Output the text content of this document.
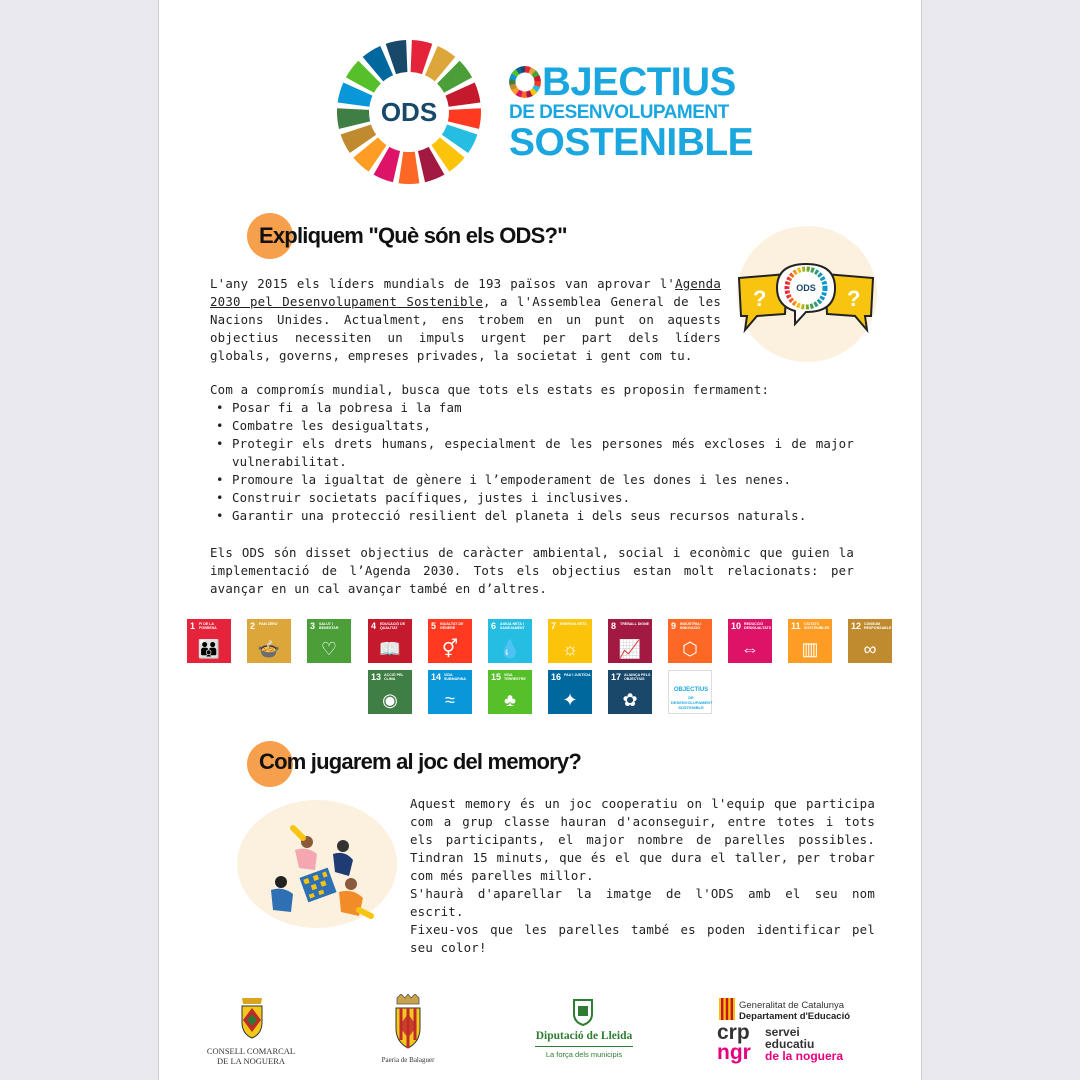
ODS
BJECTIUS
DE DESENVOLUPAMENT
SOSTENIBLE
Expliquem "Què són els ODS?"
?	?
ODS

L'any 2015 els líders mundials de 193 països van aprovar l'Agenda 2030 pel Desenvolupament Sostenible, a l'Assemblea General de les Nacions Unides. Actualment, ens trobem en un punt on aquests objectius necessiten un impuls urgent per part dels líders globals, governs, empreses privades, la societat i gent com tu.

Com a compromís mundial, busca que tots els estats es proposin fermament:
• Posar fi a la pobresa i la fam
• Combatre les desigualtats,
• Protegir els drets humans, especialment de les persones més excloses i de major vulnerabilitat.
• Promoure la igualtat de gènere i l’empoderament de les dones i les nenes.
• Construir societats pacífiques, justes i inclusives.
• Garantir una protecció resilient del planeta i dels seus recursos naturals.

Els ODS són disset objectius de caràcter ambiental, social i econòmic que guien la implementació de l’Agenda 2030. Tots els objectius estan molt relacionats: per avançar en un cal avançar també en d’altres.

1 FI DE LA POBRESA
👪
2 FAM ZERO
🍲
3 SALUT I BENESTAR
♡
4 EDUCACIÓ DE QUALITAT
📖
5 IGUALTAT DE GÈNERE
⚥
6 AIGUA NETA I SANEJAMENT
💧
7 ENERGIA NETA
☼
8 TREBALL DIGNE
📈
9 INDÚSTRIA I INNOVACIÓ
⬡
10 REDUCCIÓ DESIGUALTATS
⇔
11 CIUTATS SOSTENIBLES
▥
12 CONSUM RESPONSABLE
∞
13 ACCIÓ PEL CLIMA
◉
14 VIDA SUBMARINA
≈
15 VIDA TERRESTRE
♣
16 PAU I JUSTÍCIA
✦
17 ALIANÇA PELS OBJECTIUS
✿	OBJECTIUS
DE DESENVOLUPAMENT SOSTENIBLE
Com jugarem al joc del memory?

Aquest memory és un joc cooperatiu on l'equip que participa com a grup classe hauran d'aconseguir, entre totes i tots els participants, el major nombre de parelles possibles. Tindran 15 minuts, que és el que dura el taller, per trobar com més parelles millor.

S'haurà d'aparellar la imatge de l'ODS amb el seu nom escrit.

Fixeu-vos que les parelles també es poden identificar pel seu color!

CONSELL COMARCAL
DE LA NOGUERA	Paeria de Balaguer
Diputació de Lleida
La força dels municipis
Generalitat de Catalunya
Departament d'Educació
crp
ngr
servei
educatiu
de la noguera
